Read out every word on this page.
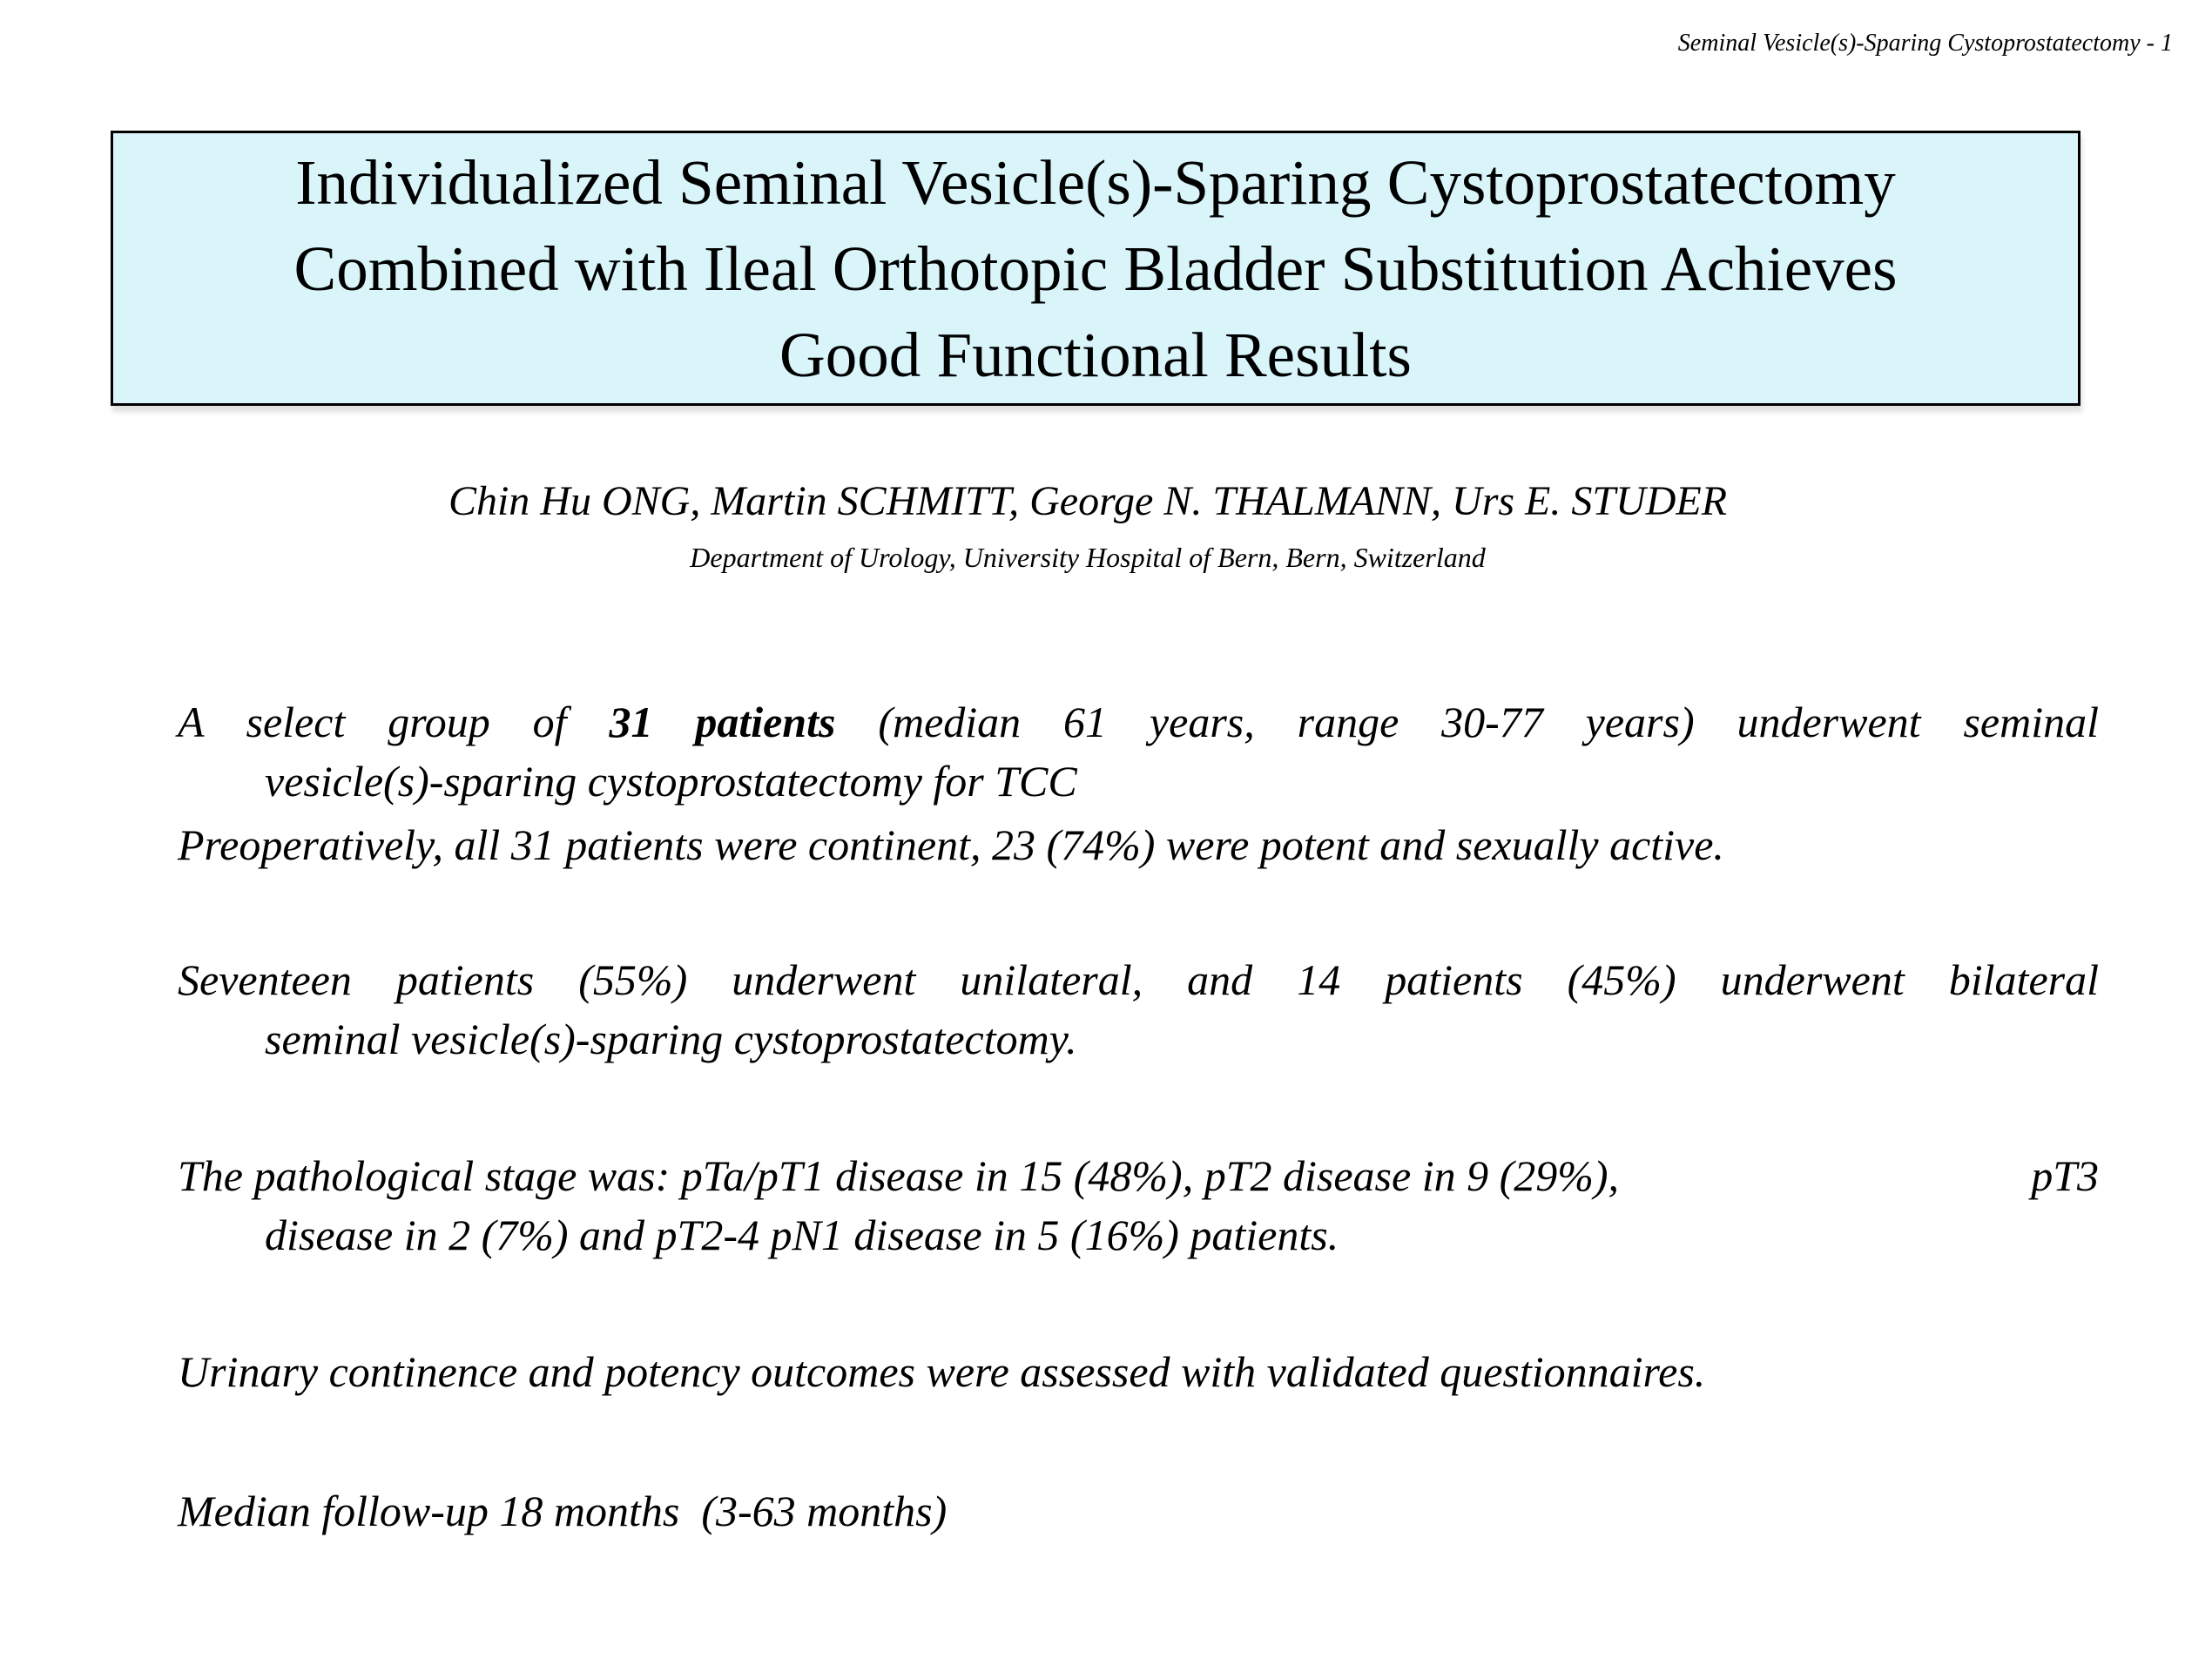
Seminal Vesicle(s)-Sparing Cystoprostatectomy - 1
Individualized Seminal Vesicle(s)-Sparing Cystoprostatectomy
Combined with Ileal Orthotopic Bladder Substitution Achieves
Good Functional Results
Chin Hu ONG, Martin SCHMITT, George N. THALMANN, Urs E. STUDER
Department of Urology, University Hospital of Bern, Bern, Switzerland
A select group of 31 patients (median 61 years, range 30-77 years) underwent seminal
vesicle(s)-sparing cystoprostatectomy for TCC
Preoperatively, all 31 patients were continent, 23 (74%) were potent and sexually active.
Seventeen patients (55%) underwent unilateral, and 14 patients (45%) underwent bilateral
seminal vesicle(s)-sparing cystoprostatectomy.
The pathological stage was: pTa/pT1 disease in 15 (48%), pT2 disease in 9 (29%),	pT3
disease in 2 (7%) and pT2-4 pN1 disease in 5 (16%) patients.
Urinary continence and potency outcomes were assessed with validated questionnaires.
Median follow-up 18 months  (3-63 months)
